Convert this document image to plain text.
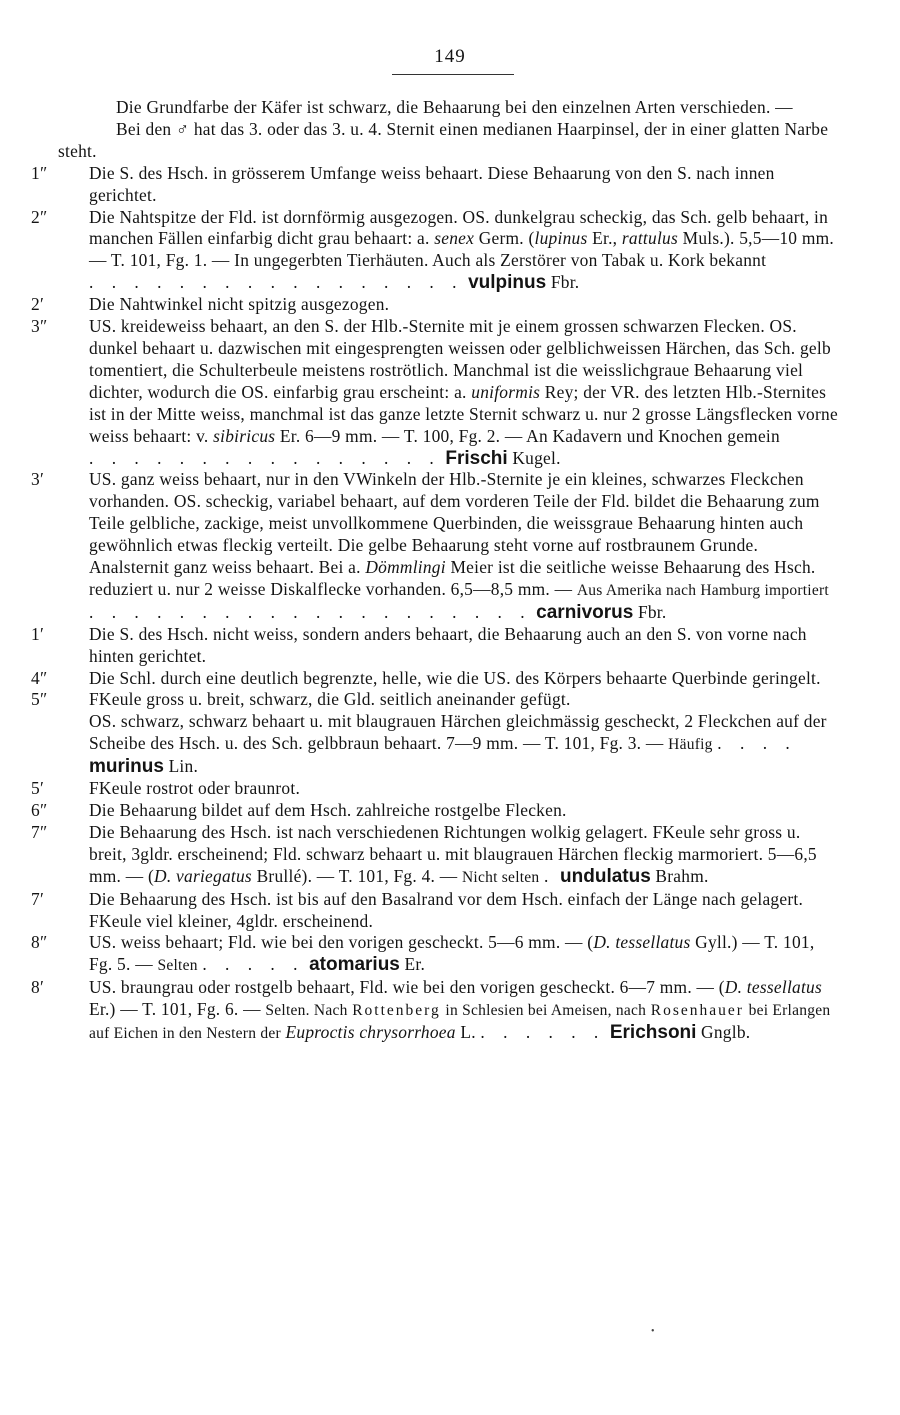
149

Die Grundfarbe der Käfer ist schwarz, die Behaarung bei den einzelnen Arten verschieden. —

Bei den ♂ hat das 3. oder das 3. u. 4. Sternit einen medianen Haarpinsel, der in einer glatten Narbe steht.

1″	Die S. des Hsch. in grösserem Umfange weiss behaart. Diese Behaarung von den S. nach innen gerichtet.

2″	Die Nahtspitze der Fld. ist dornförmig ausgezogen. OS. dunkelgrau scheckig, das Sch. gelb behaart, in manchen Fällen einfarbig dicht grau behaart: a. senex Germ. (lupinus Er., rattulus Muls.). 5,5—10 mm. — T. 101, Fg. 1. — In ungegerbten Tierhäuten. Auch als Zerstörer von Tabak u. Kork bekannt . . . . . . . . . . . . . . . . . vulpinus Fbr.

2′	Die Nahtwinkel nicht spitzig ausgezogen.

3″	US. kreideweiss behaart, an den S. der Hlb.-Sternite mit je einem grossen schwarzen Flecken. OS. dunkel behaart u. dazwischen mit eingesprengten weissen oder gelblichweissen Härchen, das Sch. gelb tomentiert, die Schulterbeule meistens roströtlich. Manchmal ist die weisslichgraue Behaarung viel dichter, wodurch die OS. einfarbig grau erscheint: a. uniformis Rey; der VR. des letzten Hlb.-Sternites ist in der Mitte weiss, manchmal ist das ganze letzte Sternit schwarz u. nur 2 grosse Längsflecken vorne weiss behaart: v. sibiricus Er. 6—9 mm. — T. 100, Fg. 2. — An Kadavern und Knochen gemein . . . . . . . . . . . . . . . . Frischi Kugel.

3′	US. ganz weiss behaart, nur in den VWinkeln der Hlb.-Sternite je ein kleines, schwarzes Fleckchen vorhanden. OS. scheckig, variabel behaart, auf dem vorderen Teile der Fld. bildet die Behaarung zum Teile gelbliche, zackige, meist unvollkommene Querbinden, die weissgraue Behaarung hinten auch gewöhnlich etwas fleckig verteilt. Die gelbe Behaarung steht vorne auf rostbraunem Grunde. Analsternit ganz weiss behaart. Bei a. Dömmlingi Meier ist die seitliche weisse Behaarung des Hsch. reduziert u. nur 2 weisse Diskalflecke vorhanden. 6,5—8,5 mm. — Aus Amerika nach Hamburg importiert . . . . . . . . . . . . . . . . . . . . carnivorus Fbr.

1′	Die S. des Hsch. nicht weiss, sondern anders behaart, die Behaarung auch an den S. von vorne nach hinten gerichtet.

4″	Die Schl. durch eine deutlich begrenzte, helle, wie die US. des Körpers behaarte Querbinde geringelt.

5″	FKeule gross u. breit, schwarz, die Gld. seitlich aneinander gefügt.
OS. schwarz, schwarz behaart u. mit blaugrauen Härchen gleichmässig gescheckt, 2 Fleckchen auf der Scheibe des Hsch. u. des Sch. gelbbraun behaart. 7—9 mm. — T. 101, Fg. 3. — Häufig . . . . murinus Lin.

5′	FKeule rostrot oder braunrot.

6″	Die Behaarung bildet auf dem Hsch. zahlreiche rostgelbe Flecken.

7″	Die Behaarung des Hsch. ist nach verschiedenen Richtungen wolkig gelagert. FKeule sehr gross u. breit, 3gldr. erscheinend; Fld. schwarz behaart u. mit blaugrauen Härchen fleckig marmoriert. 5—6,5 mm. — (D. variegatus Brullé). — T. 101, Fg. 4. — Nicht selten . undulatus Brahm.

7′	Die Behaarung des Hsch. ist bis auf den Basalrand vor dem Hsch. einfach der Länge nach gelagert. FKeule viel kleiner, 4gldr. erscheinend.

8″	US. weiss behaart; Fld. wie bei den vorigen gescheckt. 5—6 mm. — (D. tessellatus Gyll.) — T. 101, Fg. 5. — Selten . . . . . atomarius Er.

8′	US. braungrau oder rostgelb behaart, Fld. wie bei den vorigen gescheckt. 6—7 mm. — (D. tessellatus Er.) — T. 101, Fg. 6. — Selten. Nach Rottenberg in Schlesien bei Ameisen, nach Rosenhauer bei Erlangen auf Eichen in den Nestern der Euproctis chrysorrhoea L. . . . . . . Erichsoni Gnglb.

•
